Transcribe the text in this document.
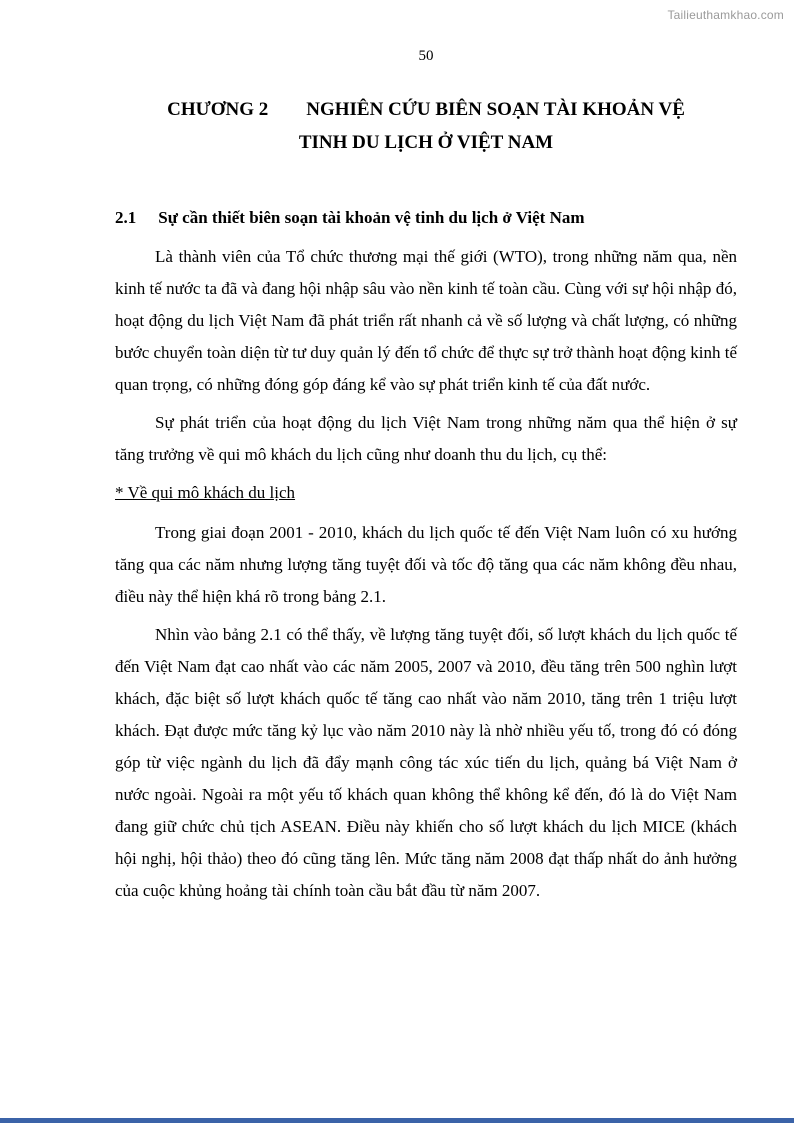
Tailieuthamkhao.com
50
CHƯƠNG 2 NGHIÊN CỨU BIÊN SOẠN TÀI KHOẢN VỆ
TINH DU LỊCH Ở VIỆT NAM
2.1 Sự cần thiết biên soạn tài khoản vệ tinh du lịch ở Việt Nam

Là thành viên của Tổ chức thương mại thế giới (WTO), trong những năm qua, nền kinh tế nước ta đã và đang hội nhập sâu vào nền kinh tế toàn cầu. Cùng với sự hội nhập đó, hoạt động du lịch Việt Nam đã phát triển rất nhanh cả về số lượng và chất lượng, có những bước chuyển toàn diện từ tư duy quản lý đến tổ chức để thực sự trở thành hoạt động kinh tế quan trọng, có những đóng góp đáng kể vào sự phát triển kinh tế của đất nước.

Sự phát triển của hoạt động du lịch Việt Nam trong những năm qua thể hiện ở sự tăng trưởng về qui mô khách du lịch cũng như doanh thu du lịch, cụ thể:

* Về qui mô khách du lịch

Trong giai đoạn 2001 - 2010, khách du lịch quốc tế đến Việt Nam luôn có xu hướng tăng qua các năm nhưng lượng tăng tuyệt đối và tốc độ tăng qua các năm không đều nhau, điều này thể hiện khá rõ trong bảng 2.1.

Nhìn vào bảng 2.1 có thể thấy, về lượng tăng tuyệt đối, số lượt khách du lịch quốc tế đến Việt Nam đạt cao nhất vào các năm 2005, 2007 và 2010, đều tăng trên 500 nghìn lượt khách, đặc biệt số lượt khách quốc tế tăng cao nhất vào năm 2010, tăng trên 1 triệu lượt khách. Đạt được mức tăng kỷ lục vào năm 2010 này là nhờ nhiều yếu tố, trong đó có đóng góp từ việc ngành du lịch đã đẩy mạnh công tác xúc tiến du lịch, quảng bá Việt Nam ở nước ngoài. Ngoài ra một yếu tố khách quan không thể không kể đến, đó là do Việt Nam đang giữ chức chủ tịch ASEAN. Điều này khiến cho số lượt khách du lịch MICE (khách hội nghị, hội thảo) theo đó cũng tăng lên. Mức tăng năm 2008 đạt thấp nhất do ảnh hưởng của cuộc khủng hoảng tài chính toàn cầu bắt đầu từ năm 2007.
